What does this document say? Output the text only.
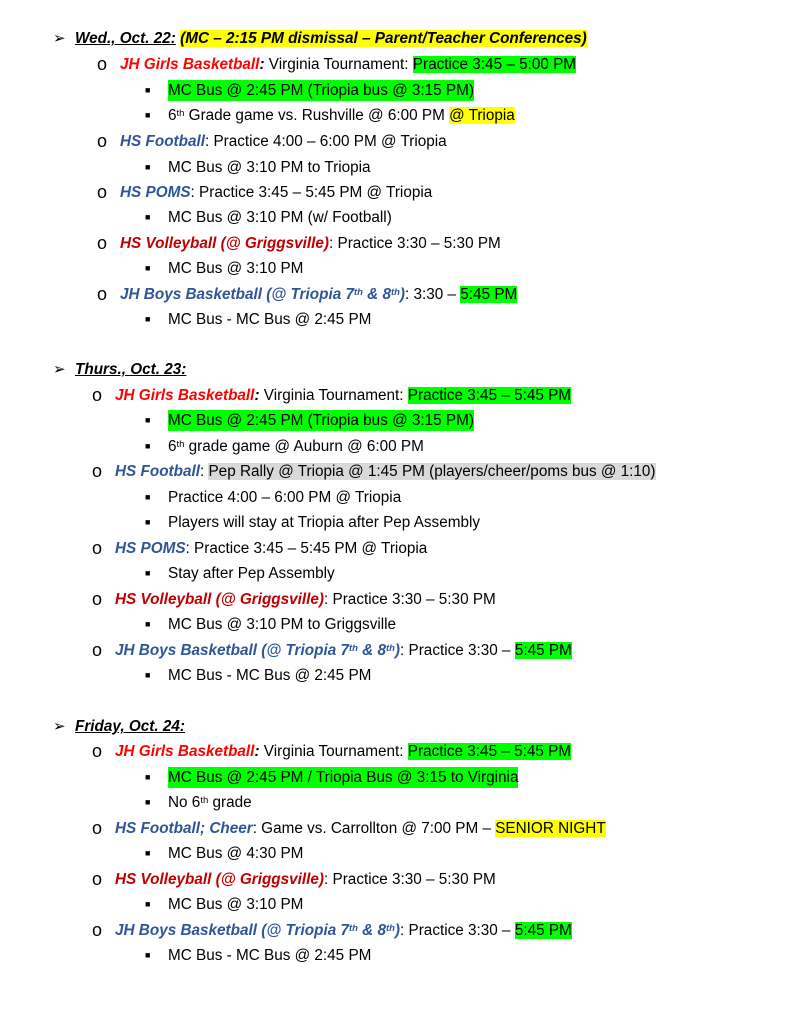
➢ Wed., Oct. 22: (MC – 2:15 PM dismissal – Parent/Teacher Conferences)
o JH Girls Basketball: Virginia Tournament: Practice 3:45 – 5:00 PM
■ MC Bus @ 2:45 PM (Triopia bus @ 3:15 PM)
■ 6th Grade game vs. Rushville @ 6:00 PM @ Triopia
o HS Football: Practice 4:00 – 6:00 PM @ Triopia
■ MC Bus @ 3:10 PM to Triopia
o HS POMS: Practice 3:45 – 5:45 PM @ Triopia
■ MC Bus @ 3:10 PM (w/ Football)
o HS Volleyball (@ Griggsville): Practice 3:30 – 5:30 PM
■ MC Bus @ 3:10 PM
o JH Boys Basketball (@ Triopia 7th & 8th): 3:30 – 5:45 PM
■ MC Bus - MC Bus @ 2:45 PM
➢ Thurs., Oct. 23:
o JH Girls Basketball: Virginia Tournament: Practice 3:45 – 5:45 PM
■ MC Bus @ 2:45 PM (Triopia bus @ 3:15 PM)
■ 6th grade game @ Auburn @ 6:00 PM
o HS Football: Pep Rally @ Triopia @ 1:45 PM (players/cheer/poms bus @ 1:10)
■ Practice 4:00 – 6:00 PM @ Triopia
■ Players will stay at Triopia after Pep Assembly
o HS POMS: Practice 3:45 – 5:45 PM @ Triopia
■ Stay after Pep Assembly
o HS Volleyball (@ Griggsville): Practice 3:30 – 5:30 PM
■ MC Bus @ 3:10 PM to Griggsville
o JH Boys Basketball (@ Triopia 7th & 8th): Practice 3:30 – 5:45 PM
■ MC Bus - MC Bus @ 2:45 PM
➢ Friday, Oct. 24:
o JH Girls Basketball: Virginia Tournament: Practice 3:45 – 5:45 PM
■ MC Bus @ 2:45 PM / Triopia Bus @ 3:15 to Virginia
■ No 6th grade
o HS Football; Cheer: Game vs. Carrollton @ 7:00 PM – SENIOR NIGHT
■ MC Bus @ 4:30 PM
o HS Volleyball (@ Griggsville): Practice 3:30 – 5:30 PM
■ MC Bus @ 3:10 PM
o JH Boys Basketball (@ Triopia 7th & 8th): Practice 3:30 – 5:45 PM
■ MC Bus - MC Bus @ 2:45 PM
